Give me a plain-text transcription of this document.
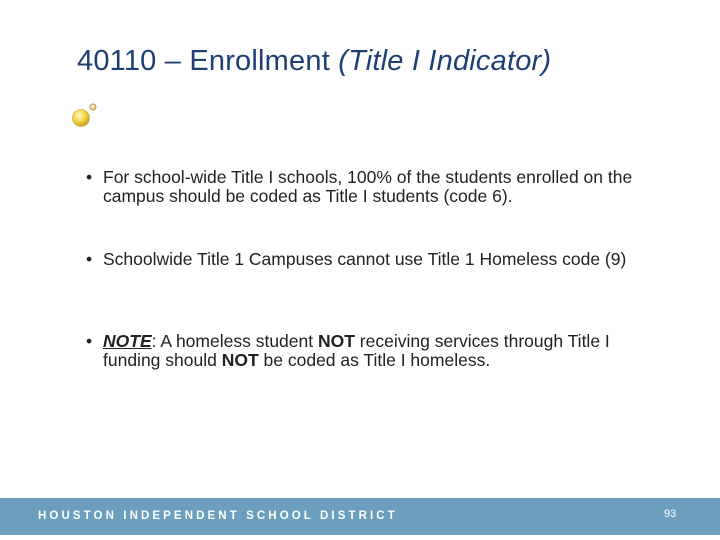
40110 – Enrollment (Title I Indicator)
• For school-wide Title I schools, 100% of the students enrolled on the campus should be coded as Title I students (code 6).
• Schoolwide Title 1 Campuses cannot use Title 1 Homeless code (9)
• NOTE: A homeless student NOT receiving services through Title I funding should NOT be coded as Title I homeless.
HOUSTON INDEPENDENT SCHOOL DISTRICT	93
